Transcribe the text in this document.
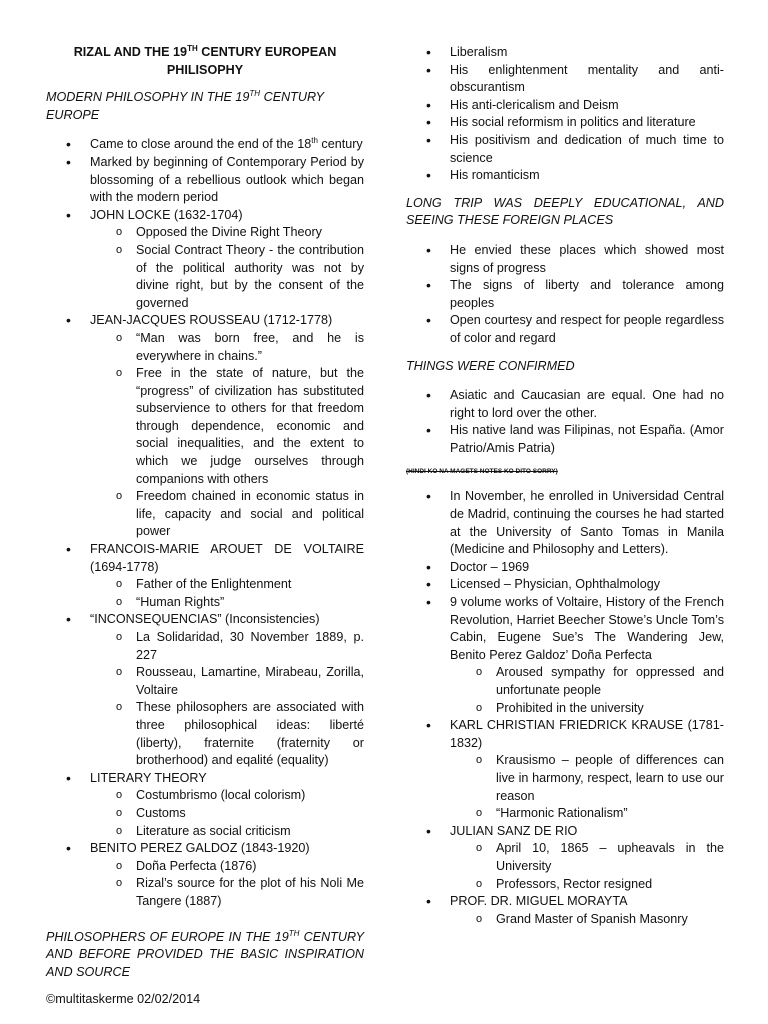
RIZAL AND THE 19TH CENTURY EUROPEAN PHILISOPHY
MODERN PHILOSOPHY IN THE 19TH CENTURY EUROPE
• Came to close around the end of the 18th century
• Marked by beginning of Contemporary Period by blossoming of a rebellious outlook which began with the modern period
• JOHN LOCKE (1632-1704)
o Opposed the Divine Right Theory
o Social Contract Theory - the contribution of the political authority was not by divine right, but by the consent of the governed
• JEAN-JACQUES ROUSSEAU (1712-1778)
o “Man was born free, and he is everywhere in chains.”
o Free in the state of nature, but the “progress” of civilization has substituted subservience to others for that freedom through dependence, economic and social inequalities, and the extent to which we judge ourselves through companions with others
o Freedom chained in economic status in life, capacity and social and political power
• FRANCOIS-MARIE AROUET DE VOLTAIRE (1694-1778)
o Father of the Enlightenment
o “Human Rights”
• “INCONSEQUENCIAS” (Inconsistencies)
o La Solidaridad, 30 November 1889, p. 227
o Rousseau, Lamartine, Mirabeau, Zorilla, Voltaire
o These philosophers are associated with three philosophical ideas: liberté (liberty), fraternite (fraternity or brotherhood) and eqalité (equality)
• LITERARY THEORY
o Costumbrismo (local colorism)
o Customs
o Literature as social criticism
• BENITO PEREZ GALDOZ (1843-1920)
o Doña Perfecta (1876)
o Rizal’s source for the plot of his Noli Me Tangere (1887)
PHILOSOPHERS OF EUROPE IN THE 19TH CENTURY AND BEFORE PROVIDED THE BASIC INSPIRATION AND SOURCE
• Liberalism
• His enlightenment mentality and anti-obscurantism
• His anti-clericalism and Deism
• His social reformism in politics and literature
• His positivism and dedication of much time to science
• His romanticism
LONG TRIP WAS DEEPLY EDUCATIONAL, AND SEEING THESE FOREIGN PLACES
• He envied these places which showed most signs of progress
• The signs of liberty and tolerance among peoples
• Open courtesy and respect for people regardless of color and regard
THINGS WERE CONFIRMED
• Asiatic and Caucasian are equal. One had no right to lord over the other.
• His native land was Filipinas, not España. (Amor Patrio/Amis Patria)
(HINDI KO NA MAGETS NOTES KO DITO SORRY)
• In November, he enrolled in Universidad Central de Madrid, continuing the courses he had started at the University of Santo Tomas in Manila (Medicine and Philosophy and Letters).
• Doctor – 1969
• Licensed – Physician, Ophthalmology
• 9 volume works of Voltaire, History of the French Revolution, Harriet Beecher Stowe’s Uncle Tom’s Cabin, Eugene Sue’s The Wandering Jew, Benito Perez Galdoz’ Doña Perfecta
o Aroused sympathy for oppressed and unfortunate people
o Prohibited in the university
• KARL CHRISTIAN FRIEDRICK KRAUSE (1781-1832)
o Krausismo – people of differences can live in harmony, respect, learn to use our reason
o “Harmonic Rationalism”
• JULIAN SANZ DE RIO
o April 10, 1865 – upheavals in the University
o Professors, Rector resigned
• PROF. DR. MIGUEL MORAYTA
o Grand Master of Spanish Masonry
©multitaskerme 02/02/2014
